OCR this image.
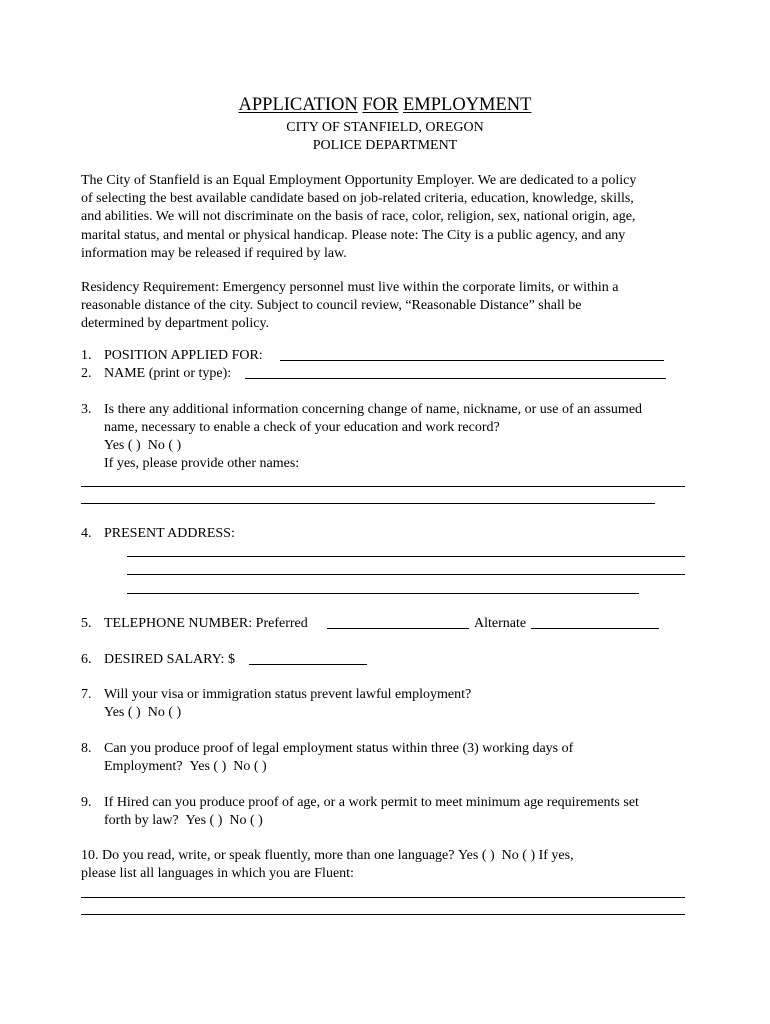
APPLICATION FOR EMPLOYMENT
CITY OF STANFIELD, OREGON
POLICE DEPARTMENT
The City of Stanfield is an Equal Employment Opportunity Employer. We are dedicated to a policy
of selecting the best available candidate based on job-related criteria, education, knowledge, skills,
and abilities. We will not discriminate on the basis of race, color, religion, sex, national origin, age,
marital status, and mental or physical handicap. Please note: The City is a public agency, and any
information may be released if required by law.
Residency Requirement: Emergency personnel must live within the corporate limits, or within a
reasonable distance of the city. Subject to council review, “Reasonable Distance” shall be
determined by department policy.
1. POSITION APPLIED FOR:
2. NAME (print or type):
3. Is there any additional information concerning change of name, nickname, or use of an assumed
name, necessary to enable a check of your education and work record?
Yes ( ) No ( )
If yes, please provide other names:
4. PRESENT ADDRESS:
5. TELEPHONE NUMBER: Preferred	Alternate
6. DESIRED SALARY: $
7. Will your visa or immigration status prevent lawful employment?
Yes ( ) No ( )
8. Can you produce proof of legal employment status within three (3) working days of
Employment? Yes ( ) No ( )
9. If Hired can you produce proof of age, or a work permit to meet minimum age requirements set
forth by law? Yes ( ) No ( )
10. Do you read, write, or speak fluently, more than one language? Yes ( ) No ( ) If yes,
please list all languages in which you are Fluent:
